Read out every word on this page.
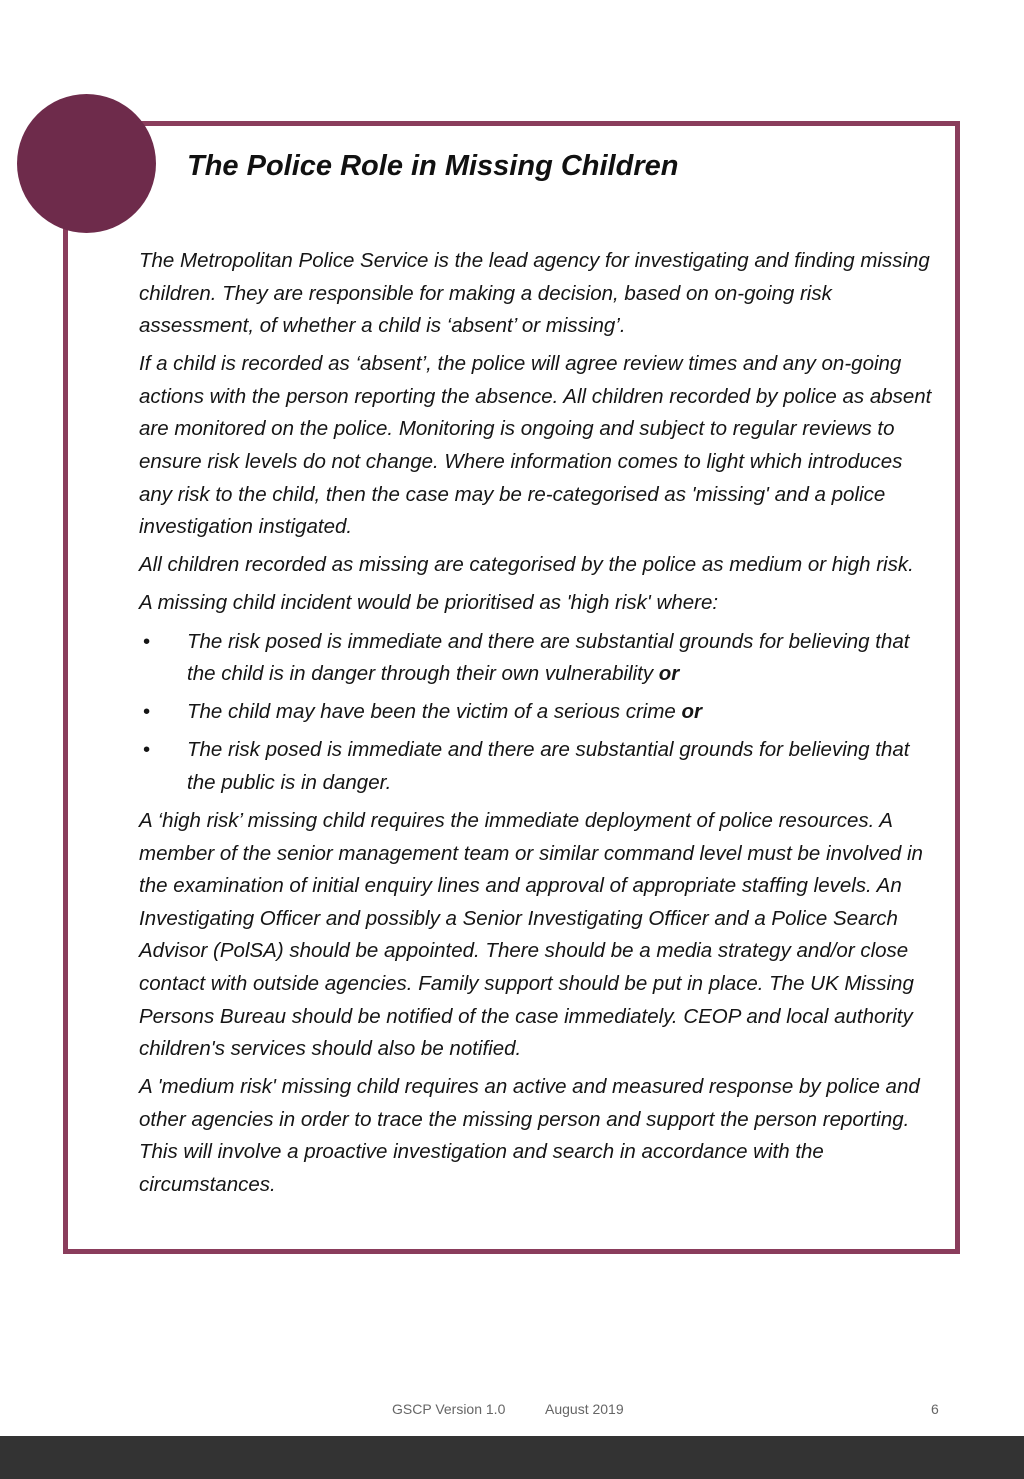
The Police Role in Missing Children

The Metropolitan Police Service is the lead agency for investigating and finding missing children. They are responsible for making a decision, based on on-going risk assessment, of whether a child is ‘absent’ or missing’.

If a child is recorded as ‘absent’, the police will agree review times and any on-going actions with the person reporting the absence. All children recorded by police as absent are monitored on the police. Monitoring is ongoing and subject to regular reviews to ensure risk levels do not change. Where information comes to light which introduces any risk to the child, then the case may be re-categorised as 'missing' and a police investigation instigated.

All children recorded as missing are categorised by the police as medium or high risk.

A missing child incident would be prioritised as 'high risk' where:

• The risk posed is immediate and there are substantial grounds for believing that the child is in danger through their own vulnerability or
• The child may have been the victim of a serious crime or
• The risk posed is immediate and there are substantial grounds for believing that the public is in danger.

A ‘high risk’ missing child requires the immediate deployment of police resources. A member of the senior management team or similar command level must be involved in the examination of initial enquiry lines and approval of appropriate staffing levels. An Investigating Officer and possibly a Senior Investigating Officer and a Police Search Advisor (PolSA) should be appointed. There should be a media strategy and/or close contact with outside agencies. Family support should be put in place. The UK Missing Persons Bureau should be notified of the case immediately. CEOP and local authority children's services should also be notified.

A 'medium risk' missing child requires an active and measured response by police and other agencies in order to trace the missing person and support the person reporting. This will involve a proactive investigation and search in accordance with the circumstances.

GSCP Version 1.0	August 2019	6
